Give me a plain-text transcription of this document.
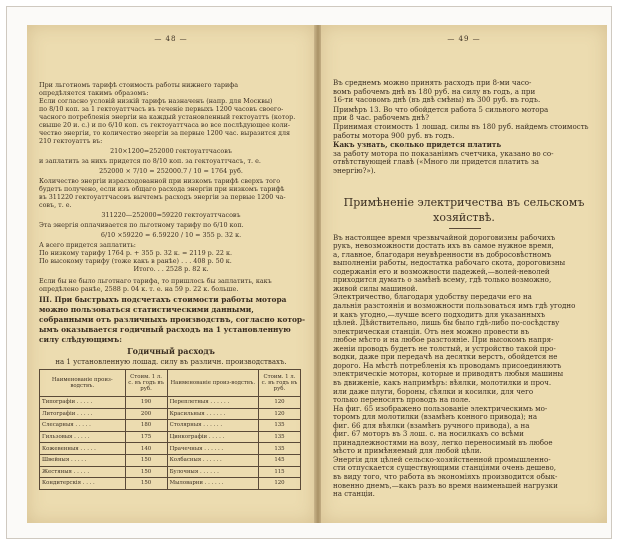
— 48 —
При льготномъ тарифѣ стоимость работы нижнего тарифа
опредѣляется такимъ образомъ:
Если согласно условій низкій тарифъ назначенъ (напр. для Москвы)
по 8/10 коп. за 1 гектоуаттчасъ въ теченіе первыхъ 1200 часовъ своего-
часного потребленія энергіи на каждый установленный гектоуаттъ (котор.
свыше 20 и. с.) и по 6/10 коп. съ гектоуаттчаса во все послѣдующее коли-
чество энергіи, то количество энергіи за первые 1200 час. выразится для
210 гектоуаттъ въ:
210×1200=252000 гектоуаттчасовъ
и заплатить за нихъ придется по 8/10 коп. за гектоуаттчасъ, т. е.
252000 × 7/10 = 252000.7 / 10 = 1764 руб.
Количество энергіи израсходованной при низкомъ тарифѣ сверхъ того
будетъ получено, если изъ общаго расхода энергіи при низкомъ тарифѣ
въ 311220 гектоуаттчасовъ вычтемъ расходъ энергіи за первые 1200 ча-
совъ, т. е.
311220—252000=59220 гектоуаттчасовъ
Эта энергія оплачивается по льготному тарифу по 6/10 коп.
6/10 ×59220 = 6.59220 / 10 = 355 р. 32 к.
А всего придется заплатить:
По низкому тарифу 1764 р. + 355 р. 32 к. = 2119 р. 22 к.
По высокому тарифу (тоже какъ в ранѣе) . . . 408 р. 50 к.
Итого. . . 2528 р. 82 к.
Если бы не было льготнаго тарифа, то пришлось бы заплатить, какъ
опредѣлено ранѣе, 2588 р. 04 к. т. е. на 59 р. 22 к. больше.
III. При быстрыхъ подсчетахъ стоимости работы мотора
можно пользоваться статистическими данными,
собранными отъ различныхъ производствъ, согласно котор-
ымъ оказывается годичный расходъ на 1 установленную
силу слѣдующимъ:
Годичный расходъ
на 1 установленную лошад. силу въ различн. производствахъ.
Наименованіе произ-водствъ.	Стоим. 1 л. с. въ годъ въ руб.	Наименованіе произ-водствъ.	Стоим. 1 л. с. въ годъ въ руб.
Типографіи . . . . .	190	Переплетныя . . . . . .	120
Литографіи . . . . .	200	Красильныя . . . . . .	120
Слесарныя . . . . .	180	Столярныя . . . . . .	135
Гильзовыя . . . . .	175	Цинкографіи . . . . .	135
Кожевенныя . . . . .	140	Прачечныя . . . . . .	135
Швейныя . . . . .	150	Колбасныя . . . . . .	145
Жестяныя . . . . .	150	Булочныя . . . . . .	115
Кондитерскія . . . .	150	Мыловарни . . . . . .	120
— 49 —
Въ среднемъ можно принять расходъ при 8-ми часо-
вомъ рабочемъ днѣ въ 180 руб. на силу въ годъ, а при
16-ти часовомъ днѣ (въ двѣ смѣны) въ 300 руб. въ годъ.
Примѣръ 13. Во что обойдется работа 5 сильного мотора
при 8 час. рабочемъ днѣ?
Принимая стоимость 1 лошад. силы въ 180 руб. найдемъ стоимость
работы мотора 900 руб. въ годъ.
Какъ узнать, сколько придется платить
за работу мотора по показаніямъ счетчика, указано во со-
отвѣтствующей главѣ («Много ли придется платить за
энергію?»).
Примѣненіе электричества въ сельскомъ
хозяйствѣ.
Въ настоящее время чрезвычайной дороговизны рабочихъ
рукъ, невозможности достать ихъ въ самое нужное время,
а, главное, благодаря неувѣренности въ добросовѣстномъ
выполненіи работы, недостатка рабочаго скота, дороговизны
содержанія его и возможности падежей,—волей-неволей
приходится думать о замѣнѣ всему, гдѣ только возможно,
живой силы машиной.
Электричество, благодаря удобству передачи его на
дальнія разстоянія и возможности пользоваться имъ гдѣ угодно
и какъ угодно,—лучше всего подходитъ для указанныхъ
цѣлей. Дѣйствительно, лишь бы было гдѣ-либо по-сосѣдству
электрическая станція. Отъ нея можно провести въ
любое мѣсто и на любое разстояніе. При высокомъ напря-
женіи проводъ будетъ не толстый, и устройство такой про-
водки, даже при передачѣ на десятки верстъ, обойдется не
дорого. На мѣстѣ потребленія къ проводамъ присоединяютъ
электрическіе моторы, которые и приводятъ любыя машины
въ движеніе, какъ напримѣръ: вѣялки, молотилки и проч.
или даже плуги, бороны, сѣялки и косилки, для чего
только переносятъ проводъ на поле.
На фиг. 65 изображено пользованіе электрическимъ мо-
торомъ для молотилки (взамѣнъ конного привода); на
фиг. 66 для вѣялки (взамѣнъ ручного привода), а на
фиг. 67 моторъ въ 3 лош. с. на носилкахъ со всѣми
принадлежностями на возу, легко переносимый въ любое
мѣсто и примѣняемый для любой цѣли.
Энергія для цѣлей сельско-хозяйственной промышленно-
сти отпускается существующими станціями очень дешево,
въ виду того, что работа въ экономіяхъ производится обык-
новенно днемъ,—какъ разъ во время наименьшей нагрузки
на станціи.
